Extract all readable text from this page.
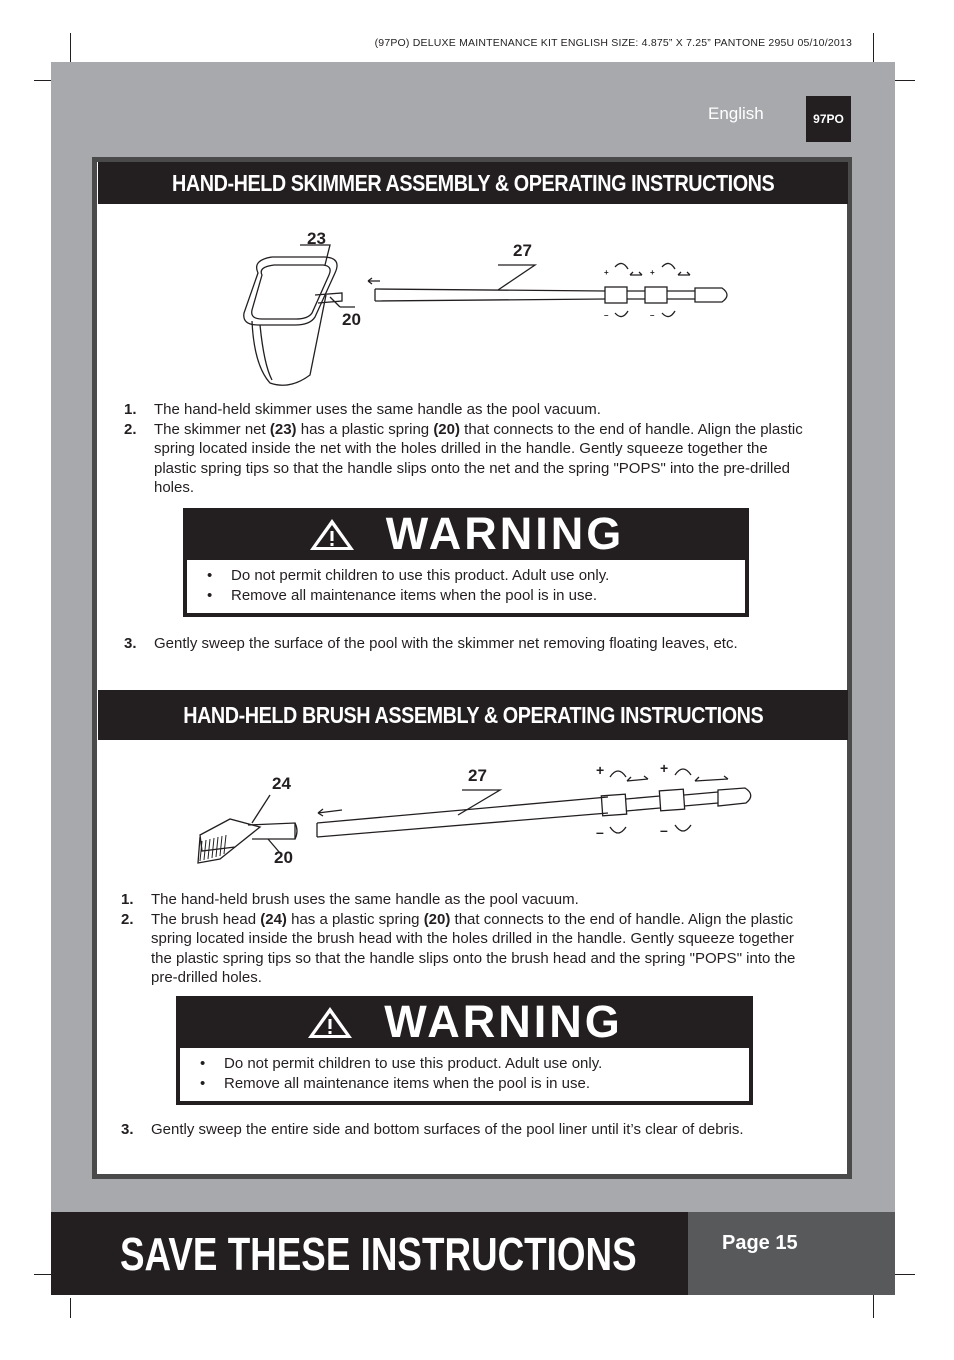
(97PO) DELUXE MAINTENANCE KIT ENGLISH SIZE: 4.875” X 7.25” PANTONE 295U 05/10/2013
English	97PO
HAND-HELD SKIMMER ASSEMBLY & OPERATING INSTRUCTIONS
+	+
–	–
23
20
27
1. The hand-held skimmer uses the same handle as the pool vacuum.
2. The skimmer net (23) has a plastic spring (20) that connects to the end of handle. Align the plastic spring located inside the net with the holes drilled in the handle. Gently squeeze together the plastic spring tips so that the handle slips onto the net and the spring "POPS" into the pre-drilled holes.
WARNING
• Do not permit children to use this product. Adult use only.
• Remove all maintenance items when the pool is in use.
3. Gently sweep the surface of the pool with the skimmer net removing floating leaves, etc.
HAND-HELD BRUSH ASSEMBLY & OPERATING INSTRUCTIONS
+	+
–	–
24
20
27
1. The hand-held brush uses the same handle as the pool vacuum.
2. The brush head (24) has a plastic spring (20) that connects to the end of handle. Align the plastic spring located inside the brush head with the holes drilled in the handle. Gently squeeze together the plastic spring tips so that the handle slips onto the brush head and the spring "POPS" into the pre-drilled holes.
WARNING
• Do not permit children to use this product. Adult use only.
• Remove all maintenance items when the pool is in use.
3. Gently sweep the entire side and bottom surfaces of the pool liner until it’s clear of debris.
SAVE THESE INSTRUCTIONS	Page 15
